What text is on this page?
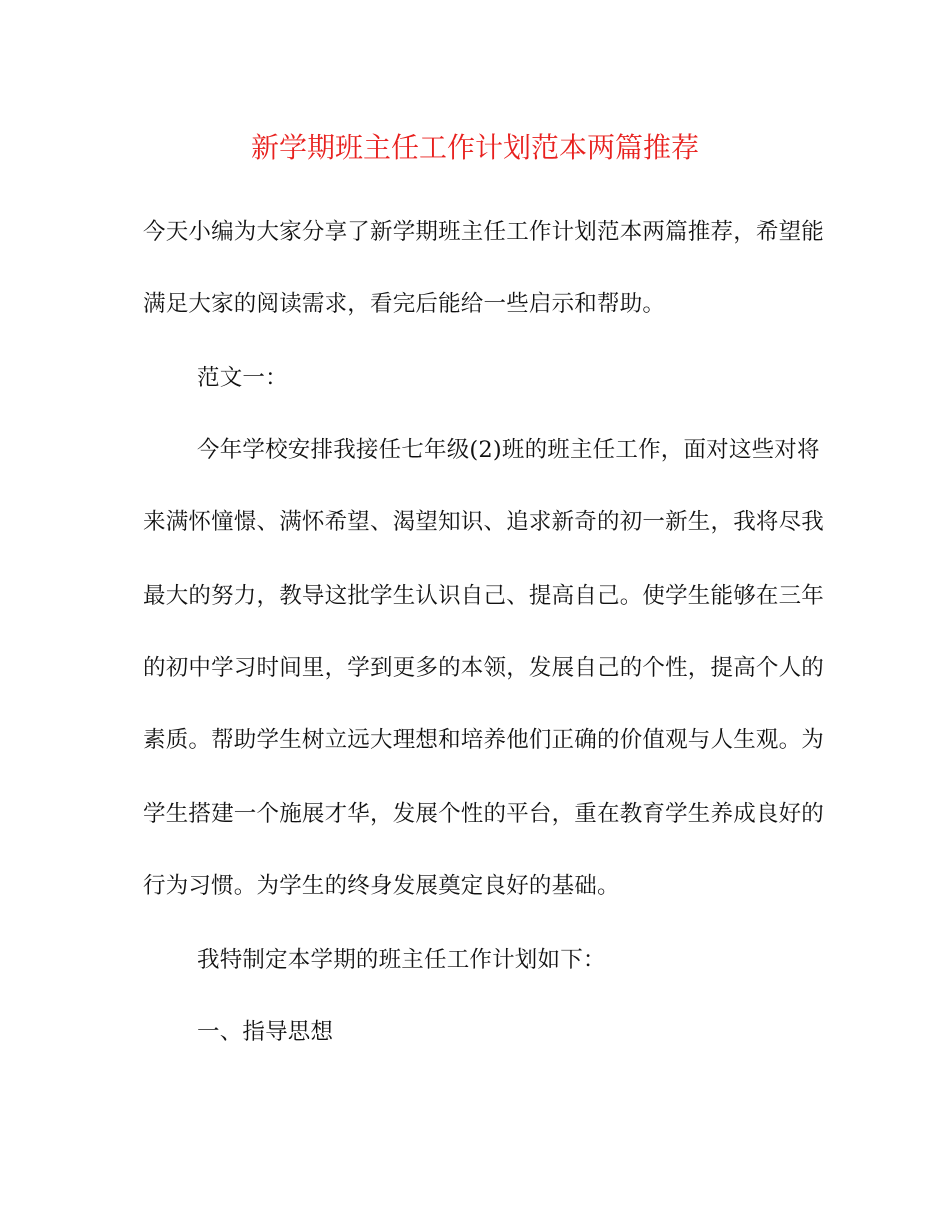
新学期班主任工作计划范本两篇推荐
今天小编为大家分享了新学期班主任工作计划范本两篇推荐，希望能
满足大家的阅读需求，看完后能给一些启示和帮助。
范文一：
今年学校安排我接任七年级(2)班的班主任工作，面对这些对将
来满怀憧憬、满怀希望、渴望知识、追求新奇的初一新生，我将尽我
最大的努力，教导这批学生认识自己、提高自己。使学生能够在三年
的初中学习时间里，学到更多的本领，发展自己的个性，提高个人的
素质。帮助学生树立远大理想和培养他们正确的价值观与人生观。为
学生搭建一个施展才华，发展个性的平台，重在教育学生养成良好的
行为习惯。为学生的终身发展奠定良好的基础。
我特制定本学期的班主任工作计划如下：
一、指导思想
